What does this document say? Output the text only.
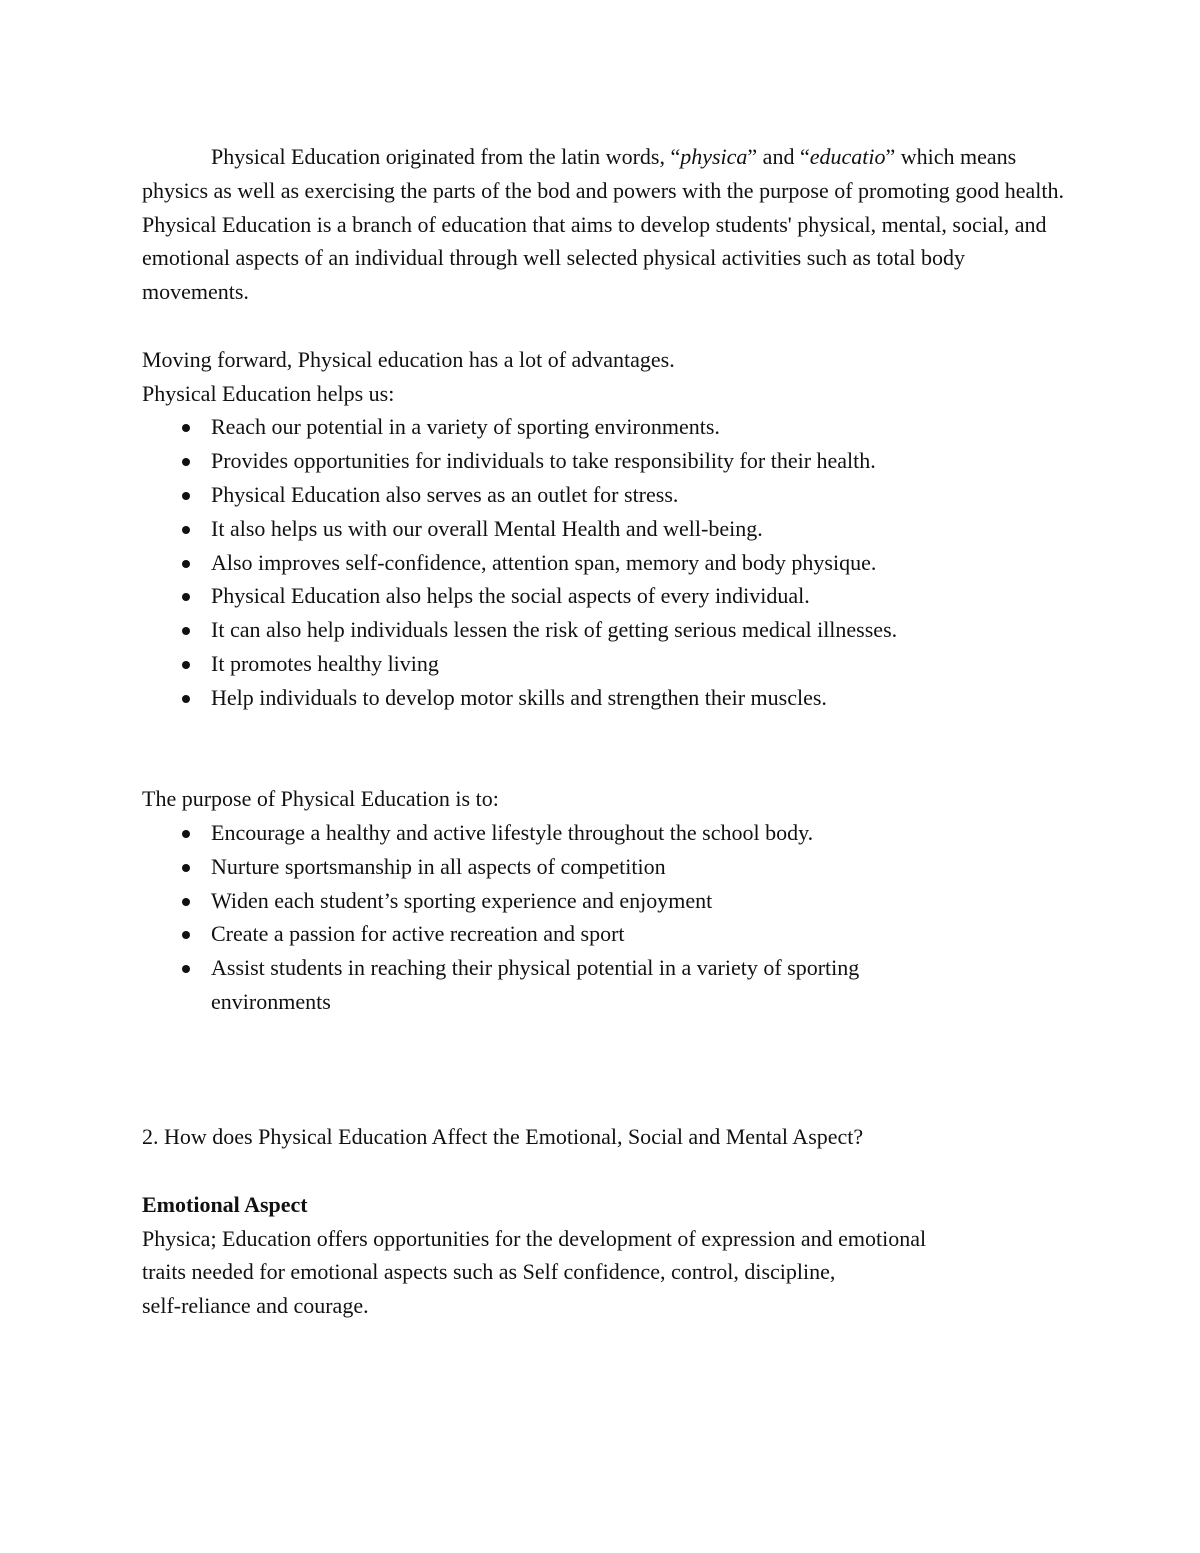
Physical Education originated from the latin words, “physica” and “educatio” which means physics as well as exercising the parts of the bod and powers with the purpose of promoting good health.

Physical Education is a branch of education that aims to develop students' physical, mental, social, and emotional aspects of an individual through well selected physical activities such as total body movements.

Moving forward, Physical education has a lot of advantages.

Physical Education helps us:

Reach our potential in a variety of sporting environments.
Provides opportunities for individuals to take responsibility for their health.
Physical Education also serves as an outlet for stress.
It also helps us with our overall Mental Health and well-being.
Also improves self-confidence, attention span, memory and body physique.
Physical Education also helps the social aspects of every individual.
It can also help individuals lessen the risk of getting serious medical illnesses.
It promotes healthy living
Help individuals to develop motor skills and strengthen their muscles.

The purpose of Physical Education is to:

Encourage a healthy and active lifestyle throughout the school body.
Nurture sportsmanship in all aspects of competition
Widen each student’s sporting experience and enjoyment
Create a passion for active recreation and sport
Assist students in reaching their physical potential in a variety of sporting environments

2. How does Physical Education Affect the Emotional, Social and Mental Aspect?

Emotional Aspect

Physica; Education offers opportunities for the development of expression and emotional

traits needed for emotional aspects such as Self confidence, control, discipline,

self-reliance and courage.
